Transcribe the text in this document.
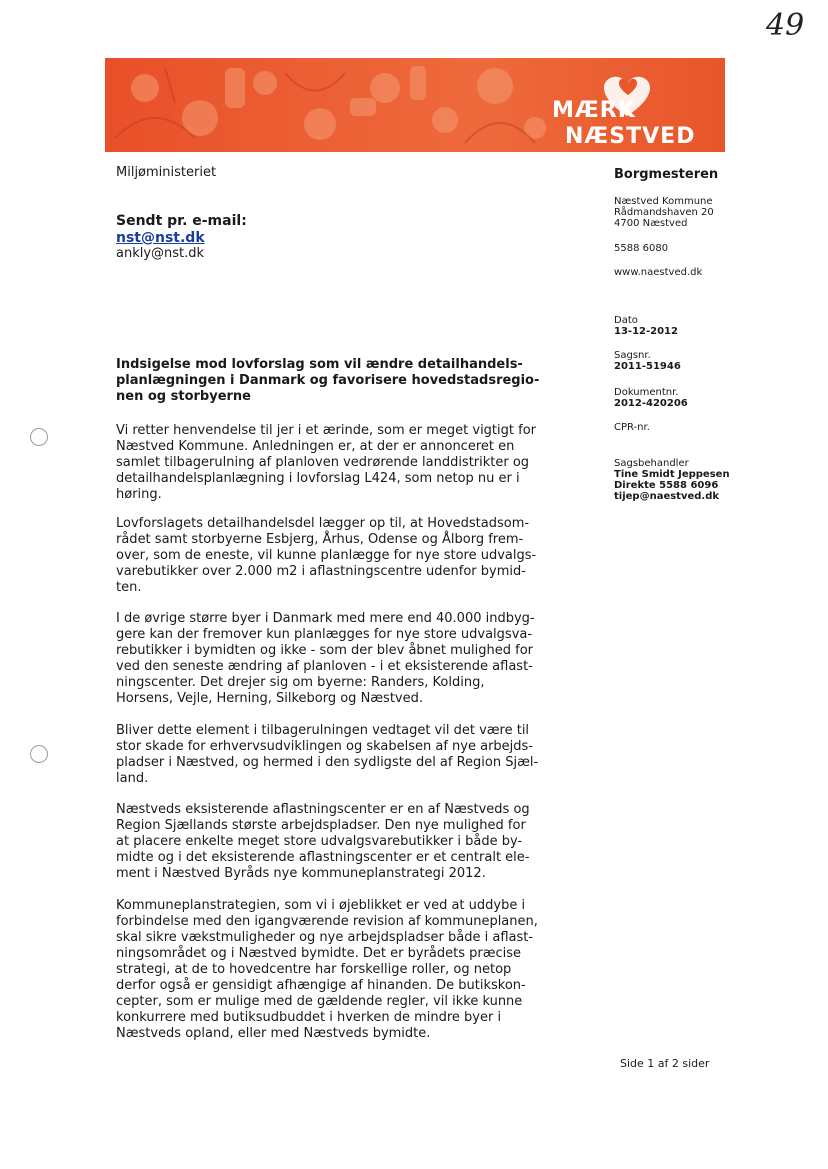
49
MÆRK
NÆSTVED
Miljøministeriet
Sendt pr. e-mail:
nst@nst.dk
ankly@nst.dk
Borgmesteren
Næstved Kommune
Rådmandshaven 20
4700 Næstved
5588 6080
www.naestved.dk
Dato
13-12-2012
Sagsnr.
2011-51946
Dokumentnr.
2012-420206
CPR-nr.
Sagsbehandler
Tine Smidt Jeppesen
Direkte 5588 6096
tijep@naestved.dk
Indsigelse mod lovforslag som vil ændre detailhandels-
planlægningen i Danmark og favorisere hovedstadsregio-
nen og storbyerne
Vi retter henvendelse til jer i et ærinde, som er meget vigtigt for
Næstved Kommune. Anledningen er, at der er annonceret en
samlet tilbagerulning af planloven vedrørende landdistrikter og
detailhandelsplanlægning i lovforslag L424, som netop nu er i
høring.
Lovforslagets detailhandelsdel lægger op til, at Hovedstadsom-
rådet samt storbyerne Esbjerg, Århus, Odense og Ålborg frem-
over, som de eneste, vil kunne planlægge for nye store udvalgs-
varebutikker over 2.000 m2 i aflastningscentre udenfor bymid-
ten.
I de øvrige større byer i Danmark med mere end 40.000 indbyg-
gere kan der fremover kun planlægges for nye store udvalgsva-
rebutikker i bymidten og ikke - som der blev åbnet mulighed for
ved den seneste ændring af planloven - i et eksisterende aflast-
ningscenter. Det drejer sig om byerne: Randers, Kolding,
Horsens, Vejle, Herning, Silkeborg og Næstved.
Bliver dette element i tilbagerulningen vedtaget vil det være til
stor skade for erhvervsudviklingen og skabelsen af nye arbejds-
pladser i Næstved, og hermed i den sydligste del af Region Sjæl-
land.
Næstveds eksisterende aflastningscenter er en af Næstveds og
Region Sjællands største arbejdspladser. Den nye mulighed for
at placere enkelte meget store udvalgsvarebutikker i både by-
midte og i det eksisterende aflastningscenter er et centralt ele-
ment i Næstved Byråds nye kommuneplanstrategi 2012.
Kommuneplanstrategien, som vi i øjeblikket er ved at uddybe i
forbindelse med den igangværende revision af kommuneplanen,
skal sikre vækstmuligheder og nye arbejdspladser både i aflast-
ningsområdet og i Næstved bymidte. Det er byrådets præcise
strategi, at de to hovedcentre har forskellige roller, og netop
derfor også er gensidigt afhængige af hinanden. De butikskon-
cepter, som er mulige med de gældende regler, vil ikke kunne
konkurrere med butiksudbuddet i hverken de mindre byer i
Næstveds opland, eller med Næstveds bymidte.
Side 1 af 2 sider
